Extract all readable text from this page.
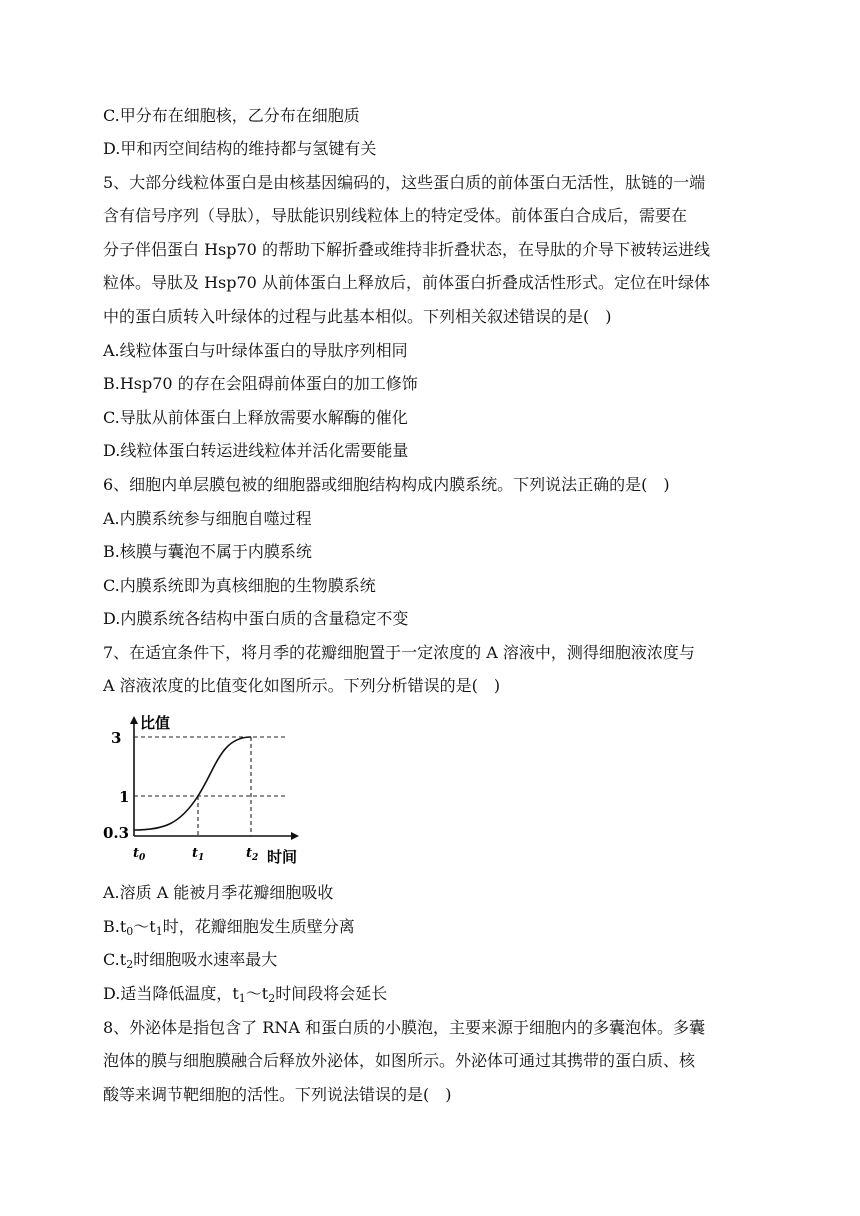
C.甲分布在细胞核，乙分布在细胞质
D.甲和丙空间结构的维持都与氢键有关
5、大部分线粒体蛋白是由核基因编码的，这些蛋白质的前体蛋白无活性，肽链的一端
含有信号序列（导肽），导肽能识别线粒体上的特定受体。前体蛋白合成后，需要在
分子伴侣蛋白 Hsp70 的帮助下解折叠或维持非折叠状态，在导肽的介导下被转运进线
粒体。导肽及 Hsp70 从前体蛋白上释放后，前体蛋白折叠成活性形式。定位在叶绿体
中的蛋白质转入叶绿体的过程与此基本相似。下列相关叙述错误的是(　)
A.线粒体蛋白与叶绿体蛋白的导肽序列相同
B.Hsp70 的存在会阻碍前体蛋白的加工修饰
C.导肽从前体蛋白上释放需要水解酶的催化
D.线粒体蛋白转运进线粒体并活化需要能量
6、细胞内单层膜包被的细胞器或细胞结构构成内膜系统。下列说法正确的是(　)
A.内膜系统参与细胞自噬过程
B.核膜与囊泡不属于内膜系统
C.内膜系统即为真核细胞的生物膜系统
D.内膜系统各结构中蛋白质的含量稳定不变
7、在适宜条件下，将月季的花瓣细胞置于一定浓度的 A 溶液中，测得细胞液浓度与
A 溶液浓度的比值变化如图所示。下列分析错误的是(　)
比值
时间
3
1
0.3
$t_0$	$t_1$	$t_2$
A.溶质 A 能被月季花瓣细胞吸收
$B.t_0\sim t_1$时，花瓣细胞发生质壁分离
$C.t_2$时细胞吸水速率最大
D.适当降低温度，$t_1\sim t_2$时间段将会延长
8、外泌体是指包含了 RNA 和蛋白质的小膜泡，主要来源于细胞内的多囊泡体。多囊
泡体的膜与细胞膜融合后释放外泌体，如图所示。外泌体可通过其携带的蛋白质、核
酸等来调节靶细胞的活性。下列说法错误的是(　)
